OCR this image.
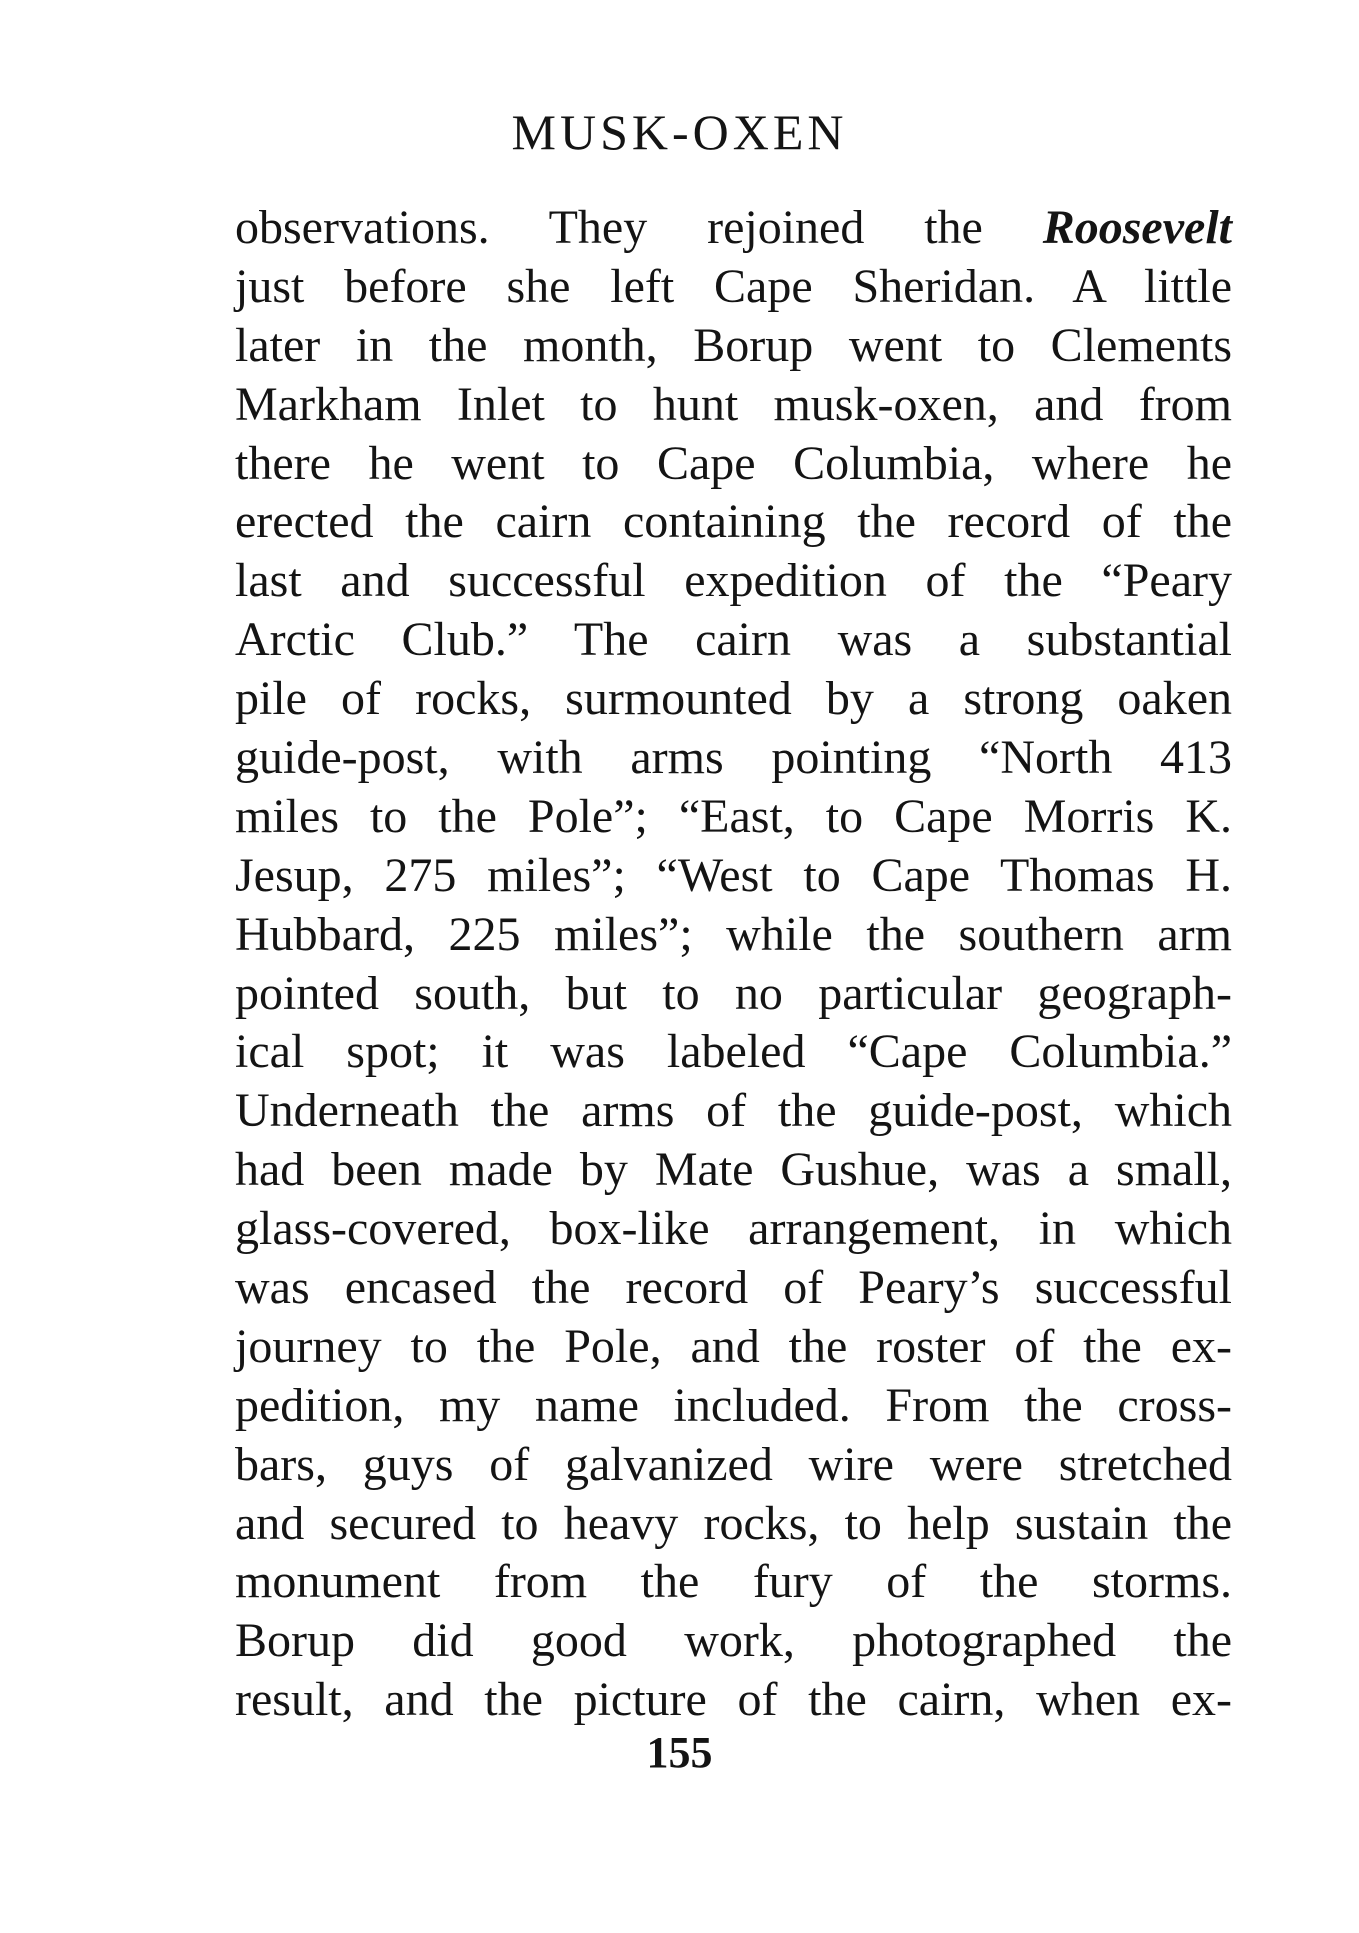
MUSK-OXEN
observations. They rejoined the Roosevelt
just before she left Cape Sheridan. A little
later in the month, Borup went to Clements
Markham Inlet to hunt musk-oxen, and from
there he went to Cape Columbia, where he
erected the cairn containing the record of the
last and successful expedition of the “Peary
Arctic Club.” The cairn was a substantial
pile of rocks, surmounted by a strong oaken
guide-post, with arms pointing “North 413
miles to the Pole”; “East, to Cape Morris K.
Jesup, 275 miles”; “West to Cape Thomas H.
Hubbard, 225 miles”; while the southern arm
pointed south, but to no particular geograph-
ical spot; it was labeled “Cape Columbia.”
Underneath the arms of the guide-post, which
had been made by Mate Gushue, was a small,
glass-covered, box-like arrangement, in which
was encased the record of Peary’s successful
journey to the Pole, and the roster of the ex-
pedition, my name included. From the cross-
bars, guys of galvanized wire were stretched
and secured to heavy rocks, to help sustain the
monument from the fury of the storms.
Borup did good work, photographed the
result, and the picture of the cairn, when ex-
155
